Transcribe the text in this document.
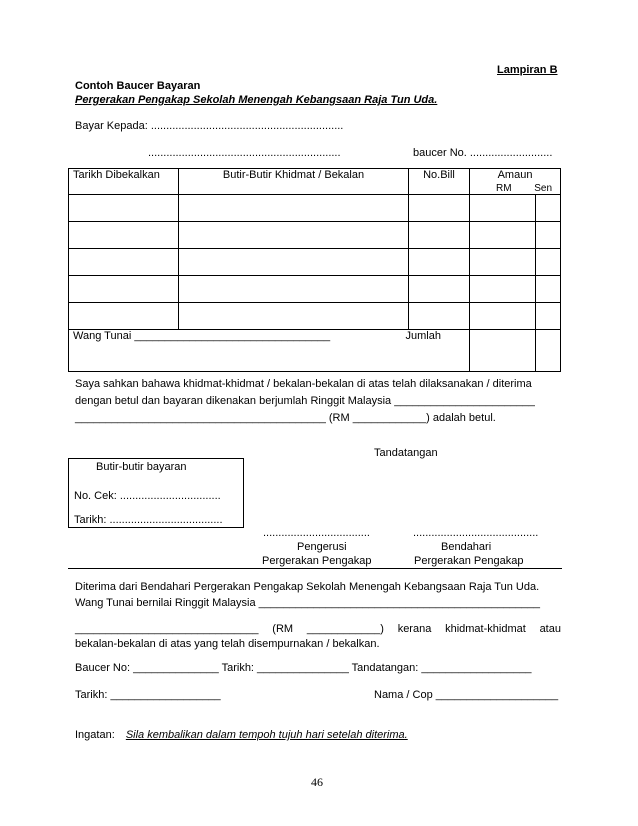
Lampiran B
Contoh Baucer Bayaran
Pergerakan Pengakap Sekolah Menengah Kebangsaan Raja Tun Uda.
Bayar Kepada: ...............................................................
...............................................................	baucer No. ...........................
Tarikh Dibekalkan	Butir-Butir Khidmat / Bekalan	No.Bill	Amaun
RM Sen	

Wang Tunai ________________________________		Jumlah		
Saya sahkan bahawa khidmat-khidmat / bekalan-bekalan di atas telah dilaksanakan / diterima
dengan betul dan bayaran dikenakan berjumlah Ringgit Malaysia _______________________
_________________________________________ (RM ____________) adalah betul.
Tandatangan
Butir-butir bayaran
No. Cek: .................................
Tarikh: .....................................
...................................	.........................................
Pengerusi	Bendahari
Pergerakan Pengakap	Pergerakan Pengakap
Diterima dari Bendahari Pergerakan Pengakap Sekolah Menengah Kebangsaan Raja Tun Uda.
Wang Tunai bernilai Ringgit Malaysia ______________________________________________
______________________________ (RM ____________) kerana khidmat-khidmat atau
bekalan-bekalan di atas yang telah disempurnakan / bekalkan.
Baucer No: ______________ Tarikh: _______________ Tandatangan: __________________
Tarikh: __________________	Nama / Cop ____________________
Ingatan: Sila kembalikan dalam tempoh tujuh hari setelah diterima.
46
